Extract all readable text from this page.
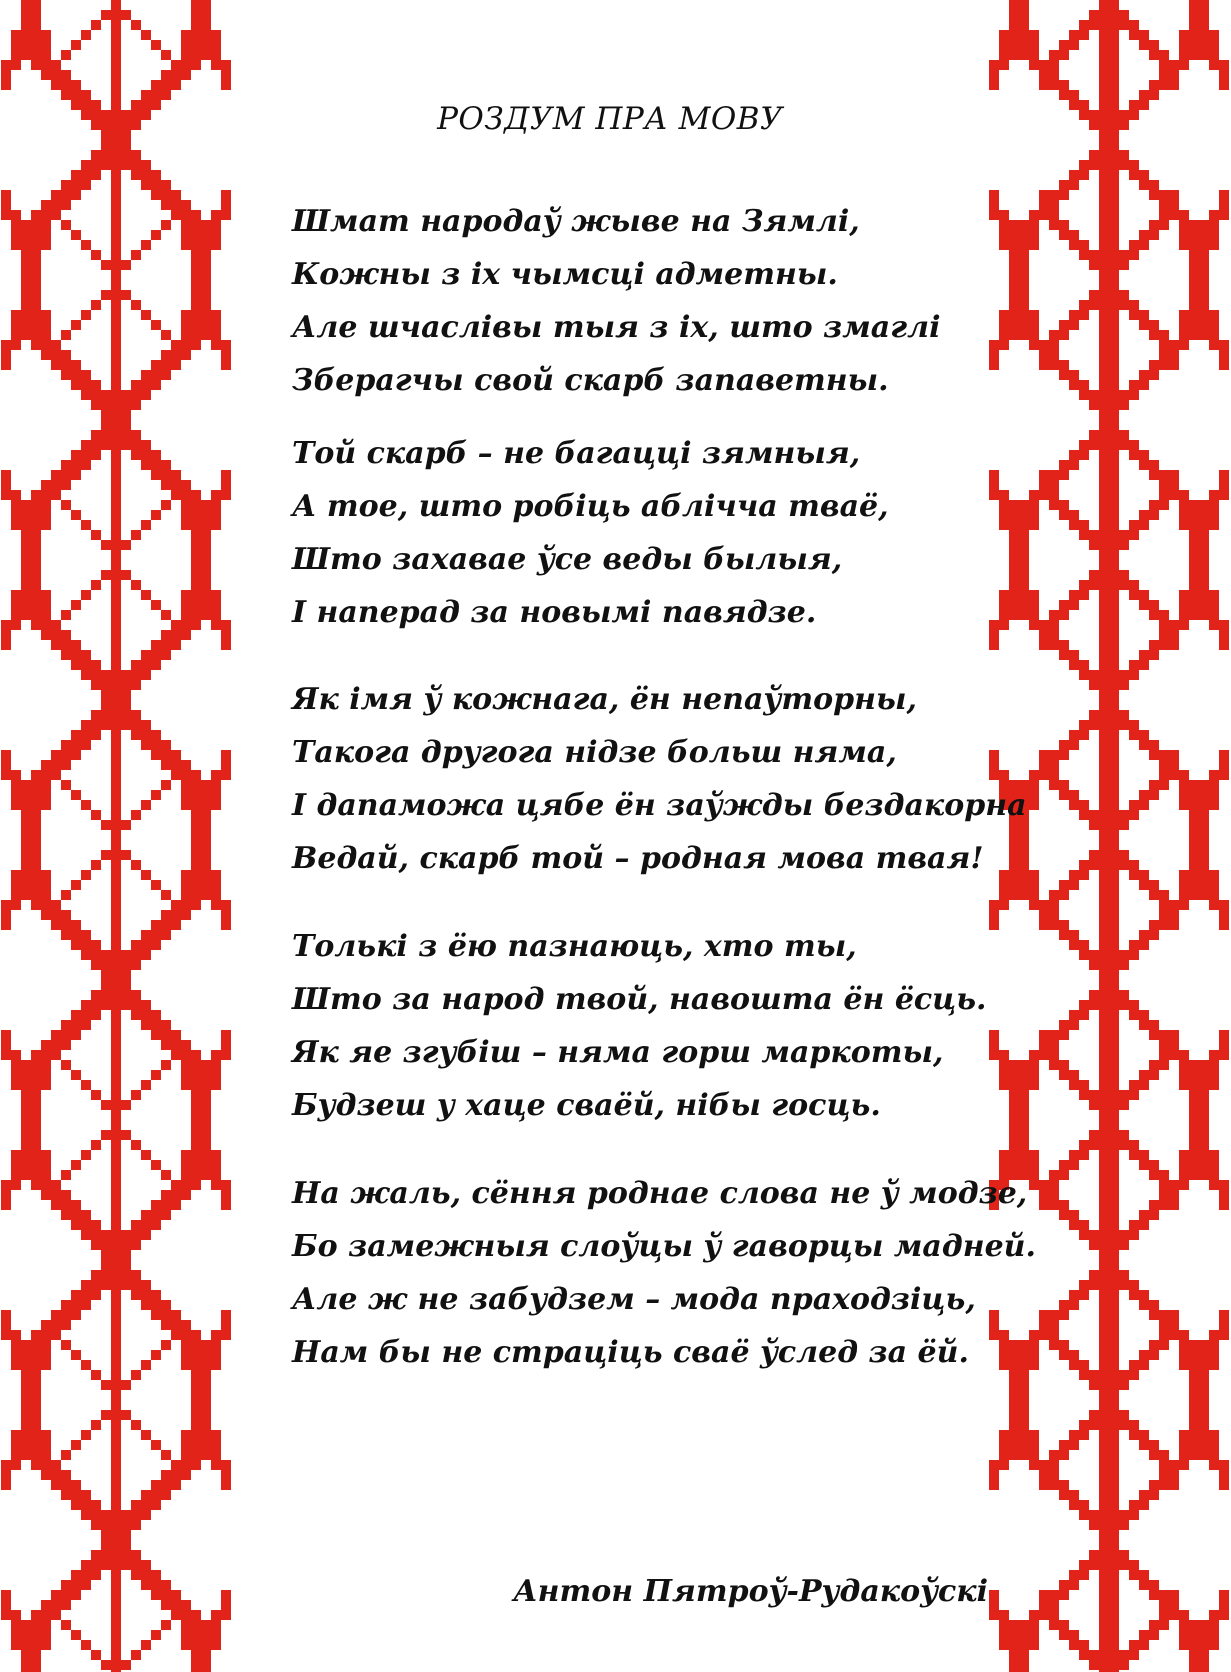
РОЗДУМ ПРА МОВУ
Шмат народаў жыве на Зямлі,
Кожны з іх чымсці адметны.
Але шчаслівы тыя з іх, што змаглі
Зберагчы свой скарб запаветны.
Той скарб – не багацці зямныя,
А тое, што робіць аблічча тваё,
Што захавае ўсе веды былыя,
І наперад за новымі павядзе.
Як імя ў кожнага, ён непаўторны,
Такога другога нідзе больш няма,
І дапаможа цябе ён заўжды бездакорна
Ведай, скарб той – родная мова твая!
Толькі з ёю пазнаюць, хто ты,
Што за народ твой, навошта ён ёсць.
Як яе згубіш – няма горш маркоты,
Будзеш у хаце сваёй, нібы госць.
На жаль, сёння роднае слова не ў модзе,
Бо замежныя слоўцы ў гаворцы мадней.
Але ж не забудзем – мода праходзіць,
Нам бы не страціць сваё ўслед за ёй.

Антон Пятроў-Рудакоўскі
